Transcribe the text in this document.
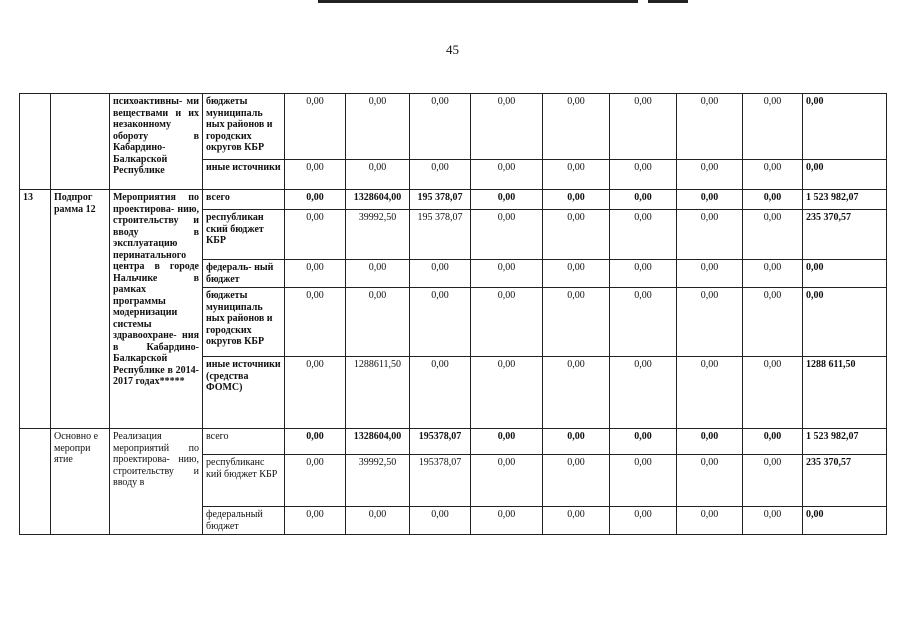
45
		психоактивны- ми веществами и их незаконному обороту в Кабардино- Балкарской Республике	бюджеты муниципаль ных районов и городских округов КБР	0,00	0,00	0,00	0,00	0,00	0,00	0,00	0,00	0,00
			иные источники	0,00	0,00	0,00	0,00	0,00	0,00	0,00	0,00	0,00
13	Подпрог рамма 12	Мероприятия по проектирова- нию, строительству и вводу в эксплуатацию перинатального центра в городе Нальчике в рамках программы модернизации системы здравоохране- ния в Кабардино- Балкарской Республике в 2014-2017 годах*****	всего	0,00	1328604,00	195 378,07	0,00	0,00	0,00	0,00	0,00	1 523 982,07
			республикан ский бюджет КБР	0,00	39992,50	195 378,07	0,00	0,00	0,00	0,00	0,00	235 370,57
			федераль- ный бюджет	0,00	0,00	0,00	0,00	0,00	0,00	0,00	0,00	0,00
			бюджеты муниципаль ных районов и городских округов КБР	0,00	0,00	0,00	0,00	0,00	0,00	0,00	0,00	0,00
			иные источники (средства ФОМС)	0,00	1288611,50	0,00	0,00	0,00	0,00	0,00	0,00	1288 611,50
	Основно е меропри ятие	Реализация мероприятий по проектирова- нию, строительству и вводу в	всего	0,00	1328604,00	195378,07	0,00	0,00	0,00	0,00	0,00	1 523 982,07
			республиканс кий бюджет КБР	0,00	39992,50	195378,07	0,00	0,00	0,00	0,00	0,00	235 370,57
			федеральный бюджет	0,00	0,00	0,00	0,00	0,00	0,00	0,00	0,00	0,00
